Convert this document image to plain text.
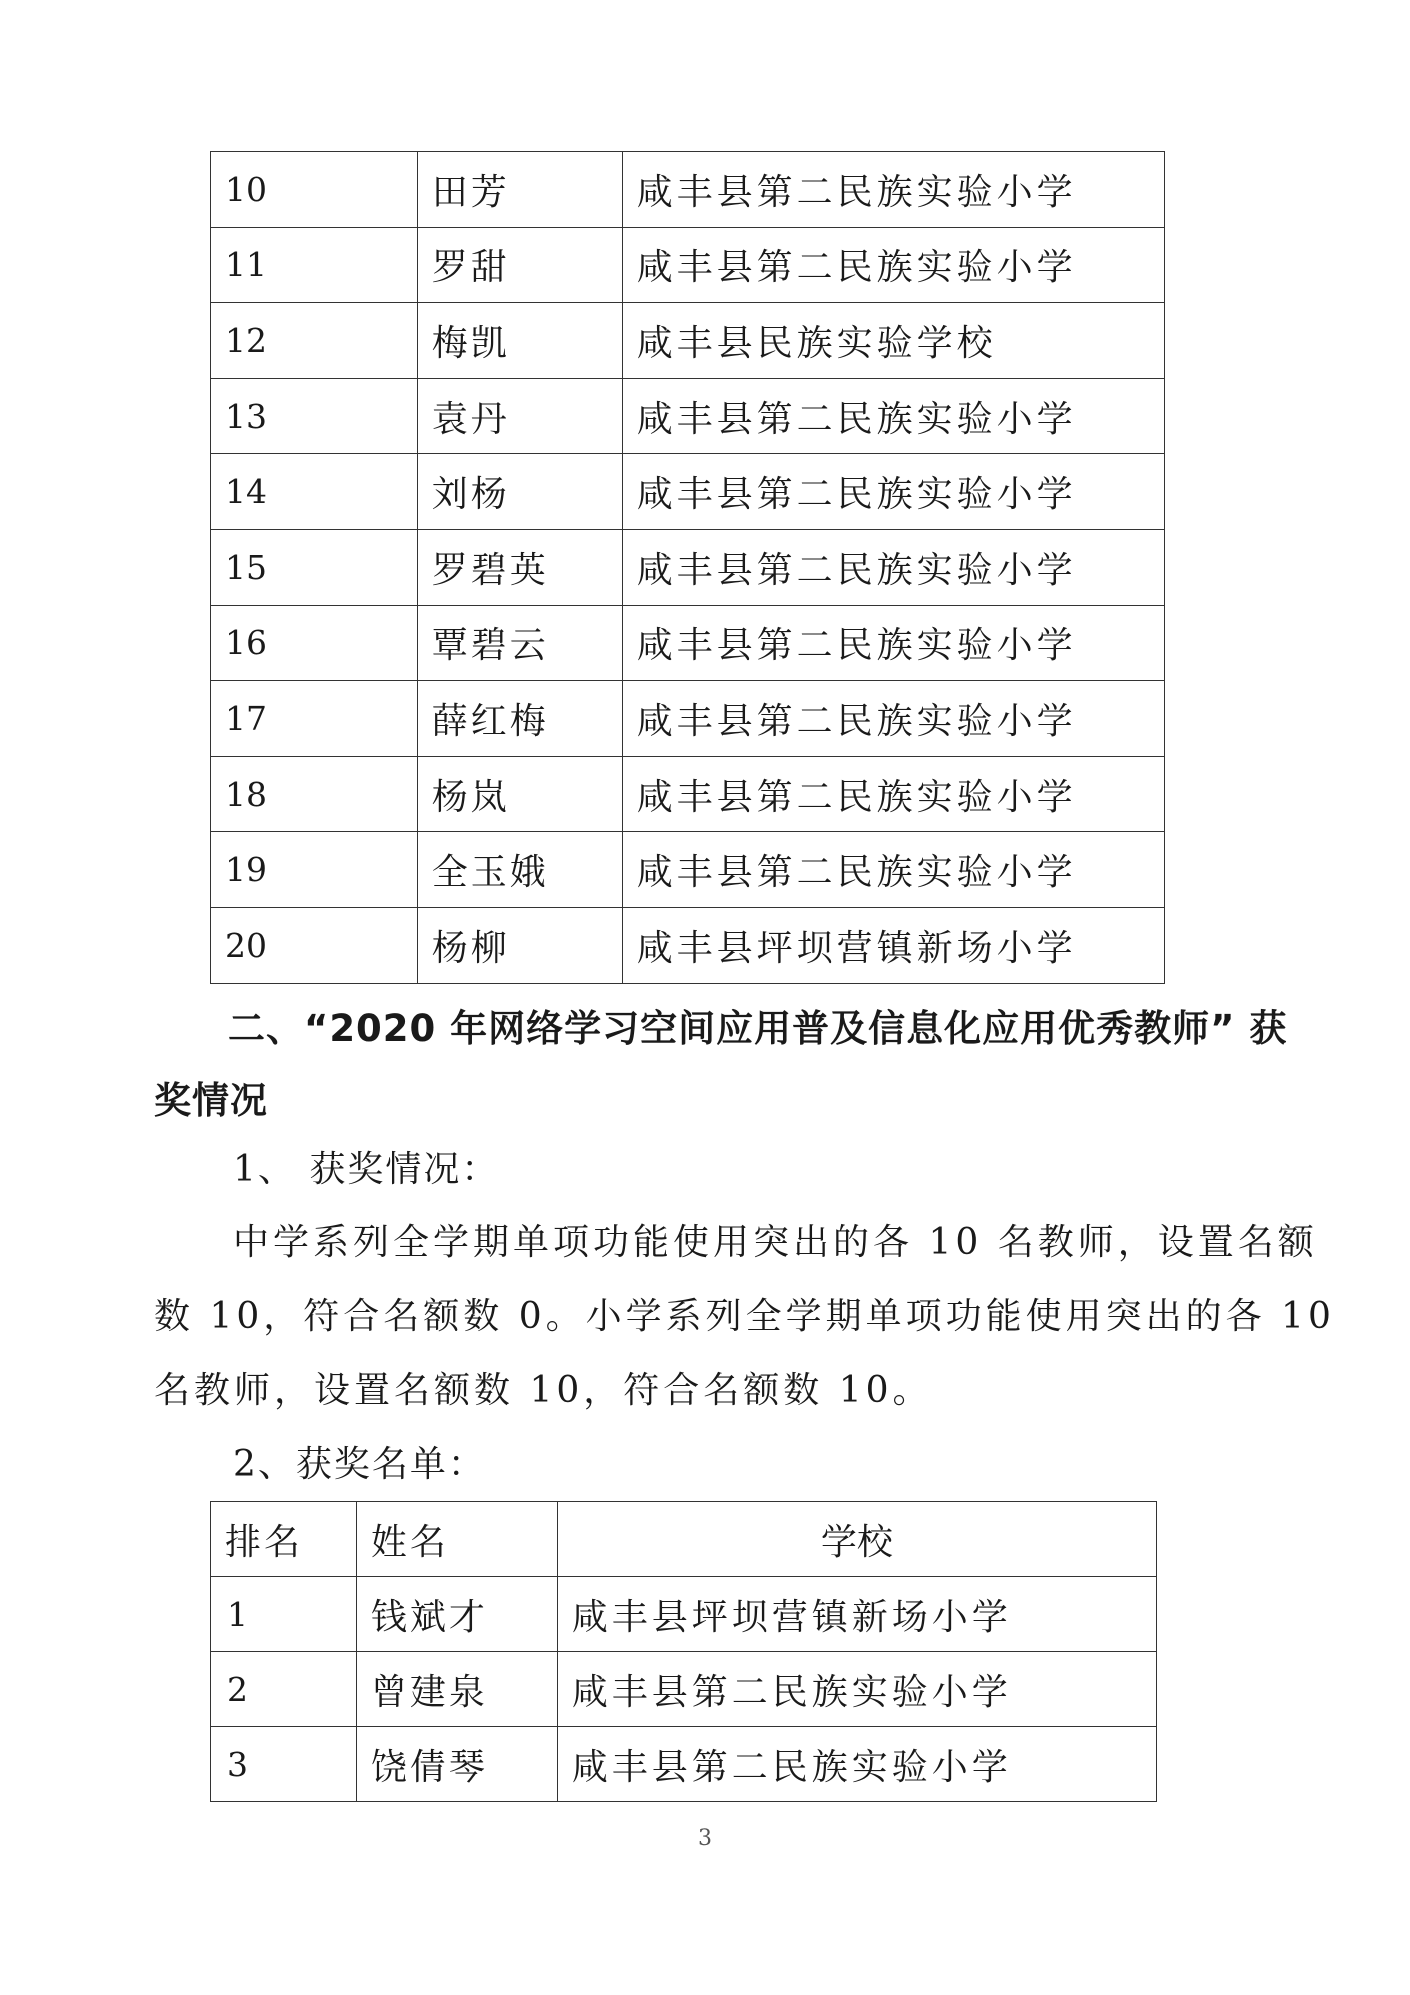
10	田芳	咸丰县第二民族实验小学
11	罗甜	咸丰县第二民族实验小学
12	梅凯	咸丰县民族实验学校
13	袁丹	咸丰县第二民族实验小学
14	刘杨	咸丰县第二民族实验小学
15	罗碧英	咸丰县第二民族实验小学
16	覃碧云	咸丰县第二民族实验小学
17	薛红梅	咸丰县第二民族实验小学
18	杨岚	咸丰县第二民族实验小学
19	全玉娥	咸丰县第二民族实验小学
20	杨柳	咸丰县坪坝营镇新场小学
二、“2020 年网络学习空间应用普及信息化应用优秀教师” 获
奖情况
1、 获奖情况：
中学系列全学期单项功能使用突出的各 10 名教师，设置名额
数 10，符合名额数 0。小学系列全学期单项功能使用突出的各 10
名教师，设置名额数 10，符合名额数 10。
2、获奖名单：
排名	姓名	学校
1	钱斌才	咸丰县坪坝营镇新场小学
2	曾建泉	咸丰县第二民族实验小学
3	饶倩琴	咸丰县第二民族实验小学
3
